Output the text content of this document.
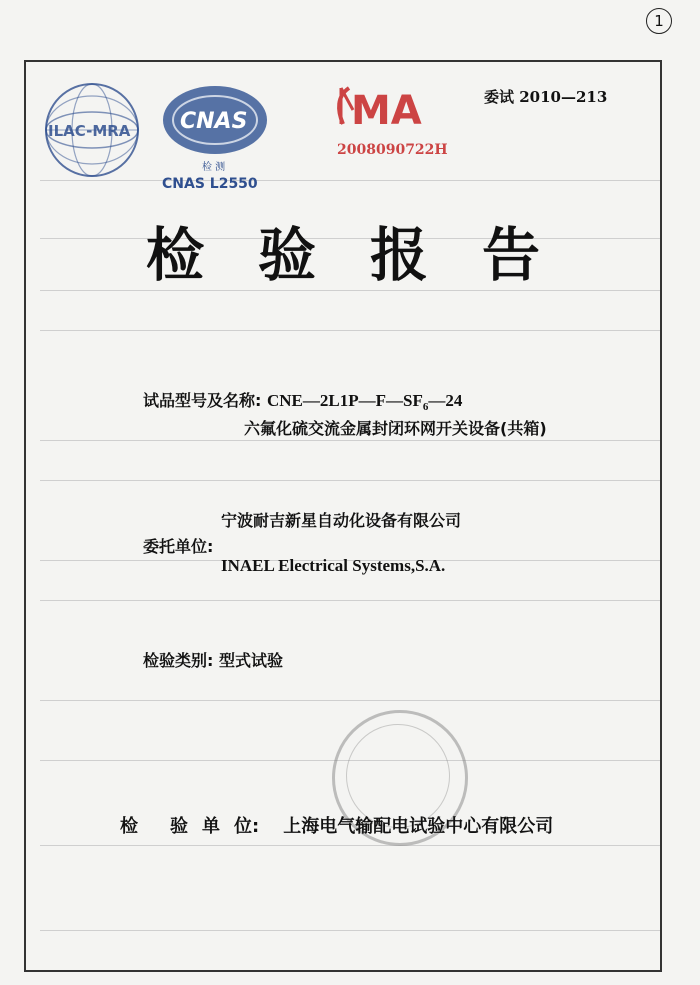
1
ILAC-MRA CNAS
检 测
CNAS L2550
MA
2008090722H
委试 2010—213
检验报告
试品型号及名称: $CNE—2L1P—F—SF_6—24$
六氟化硫交流金属封闭环网开关设备(共箱)
宁波耐吉新星自动化设备有限公司
委托单位:
INAEL Electrical Systems,S.A.
检验类别: 型式试验
检 验 单 位: 上海电气输配电试验中心有限公司
